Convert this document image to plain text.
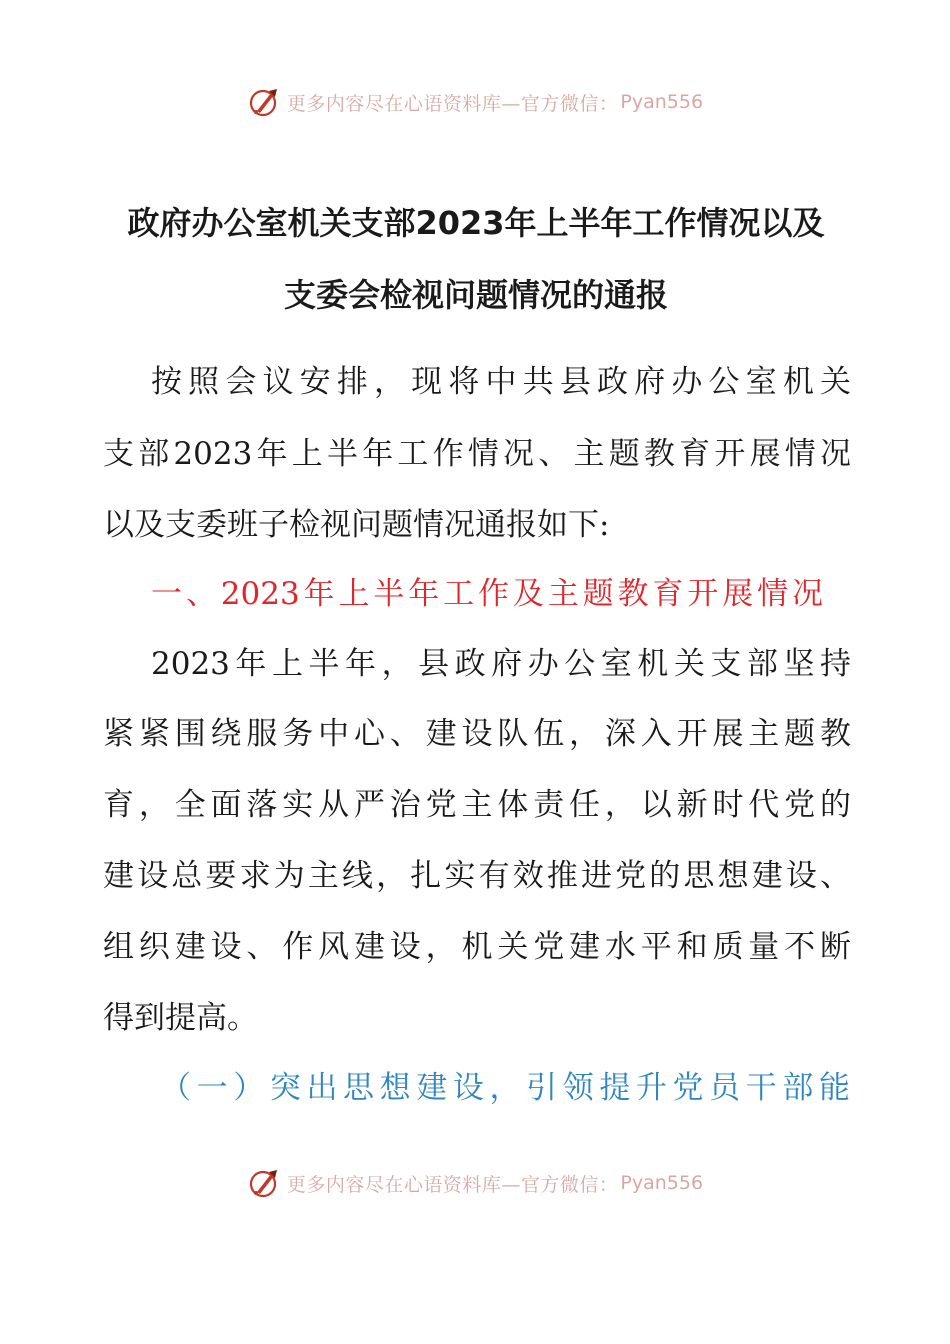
更多内容尽在心语资料库—官方微信： Pyan556
政府办公室机关支部2023年上半年工作情况以及
支委会检视问题情况的通报
按照会议安排，现将中共县政府办公室机关
支部2023年上半年工作情况、主题教育开展情况
以及支委班子检视问题情况通报如下:
一、2023年上半年工作及主题教育开展情况
2023年上半年，县政府办公室机关支部坚持
紧紧围绕服务中心、建设队伍，深入开展主题教
育，全面落实从严治党主体责任，以新时代党的
建设总要求为主线，扎实有效推进党的思想建设、
组织建设、作风建设，机关党建水平和质量不断
得到提高。
（一）突出思想建设，引领提升党员干部能
更多内容尽在心语资料库—官方微信： Pyan556
